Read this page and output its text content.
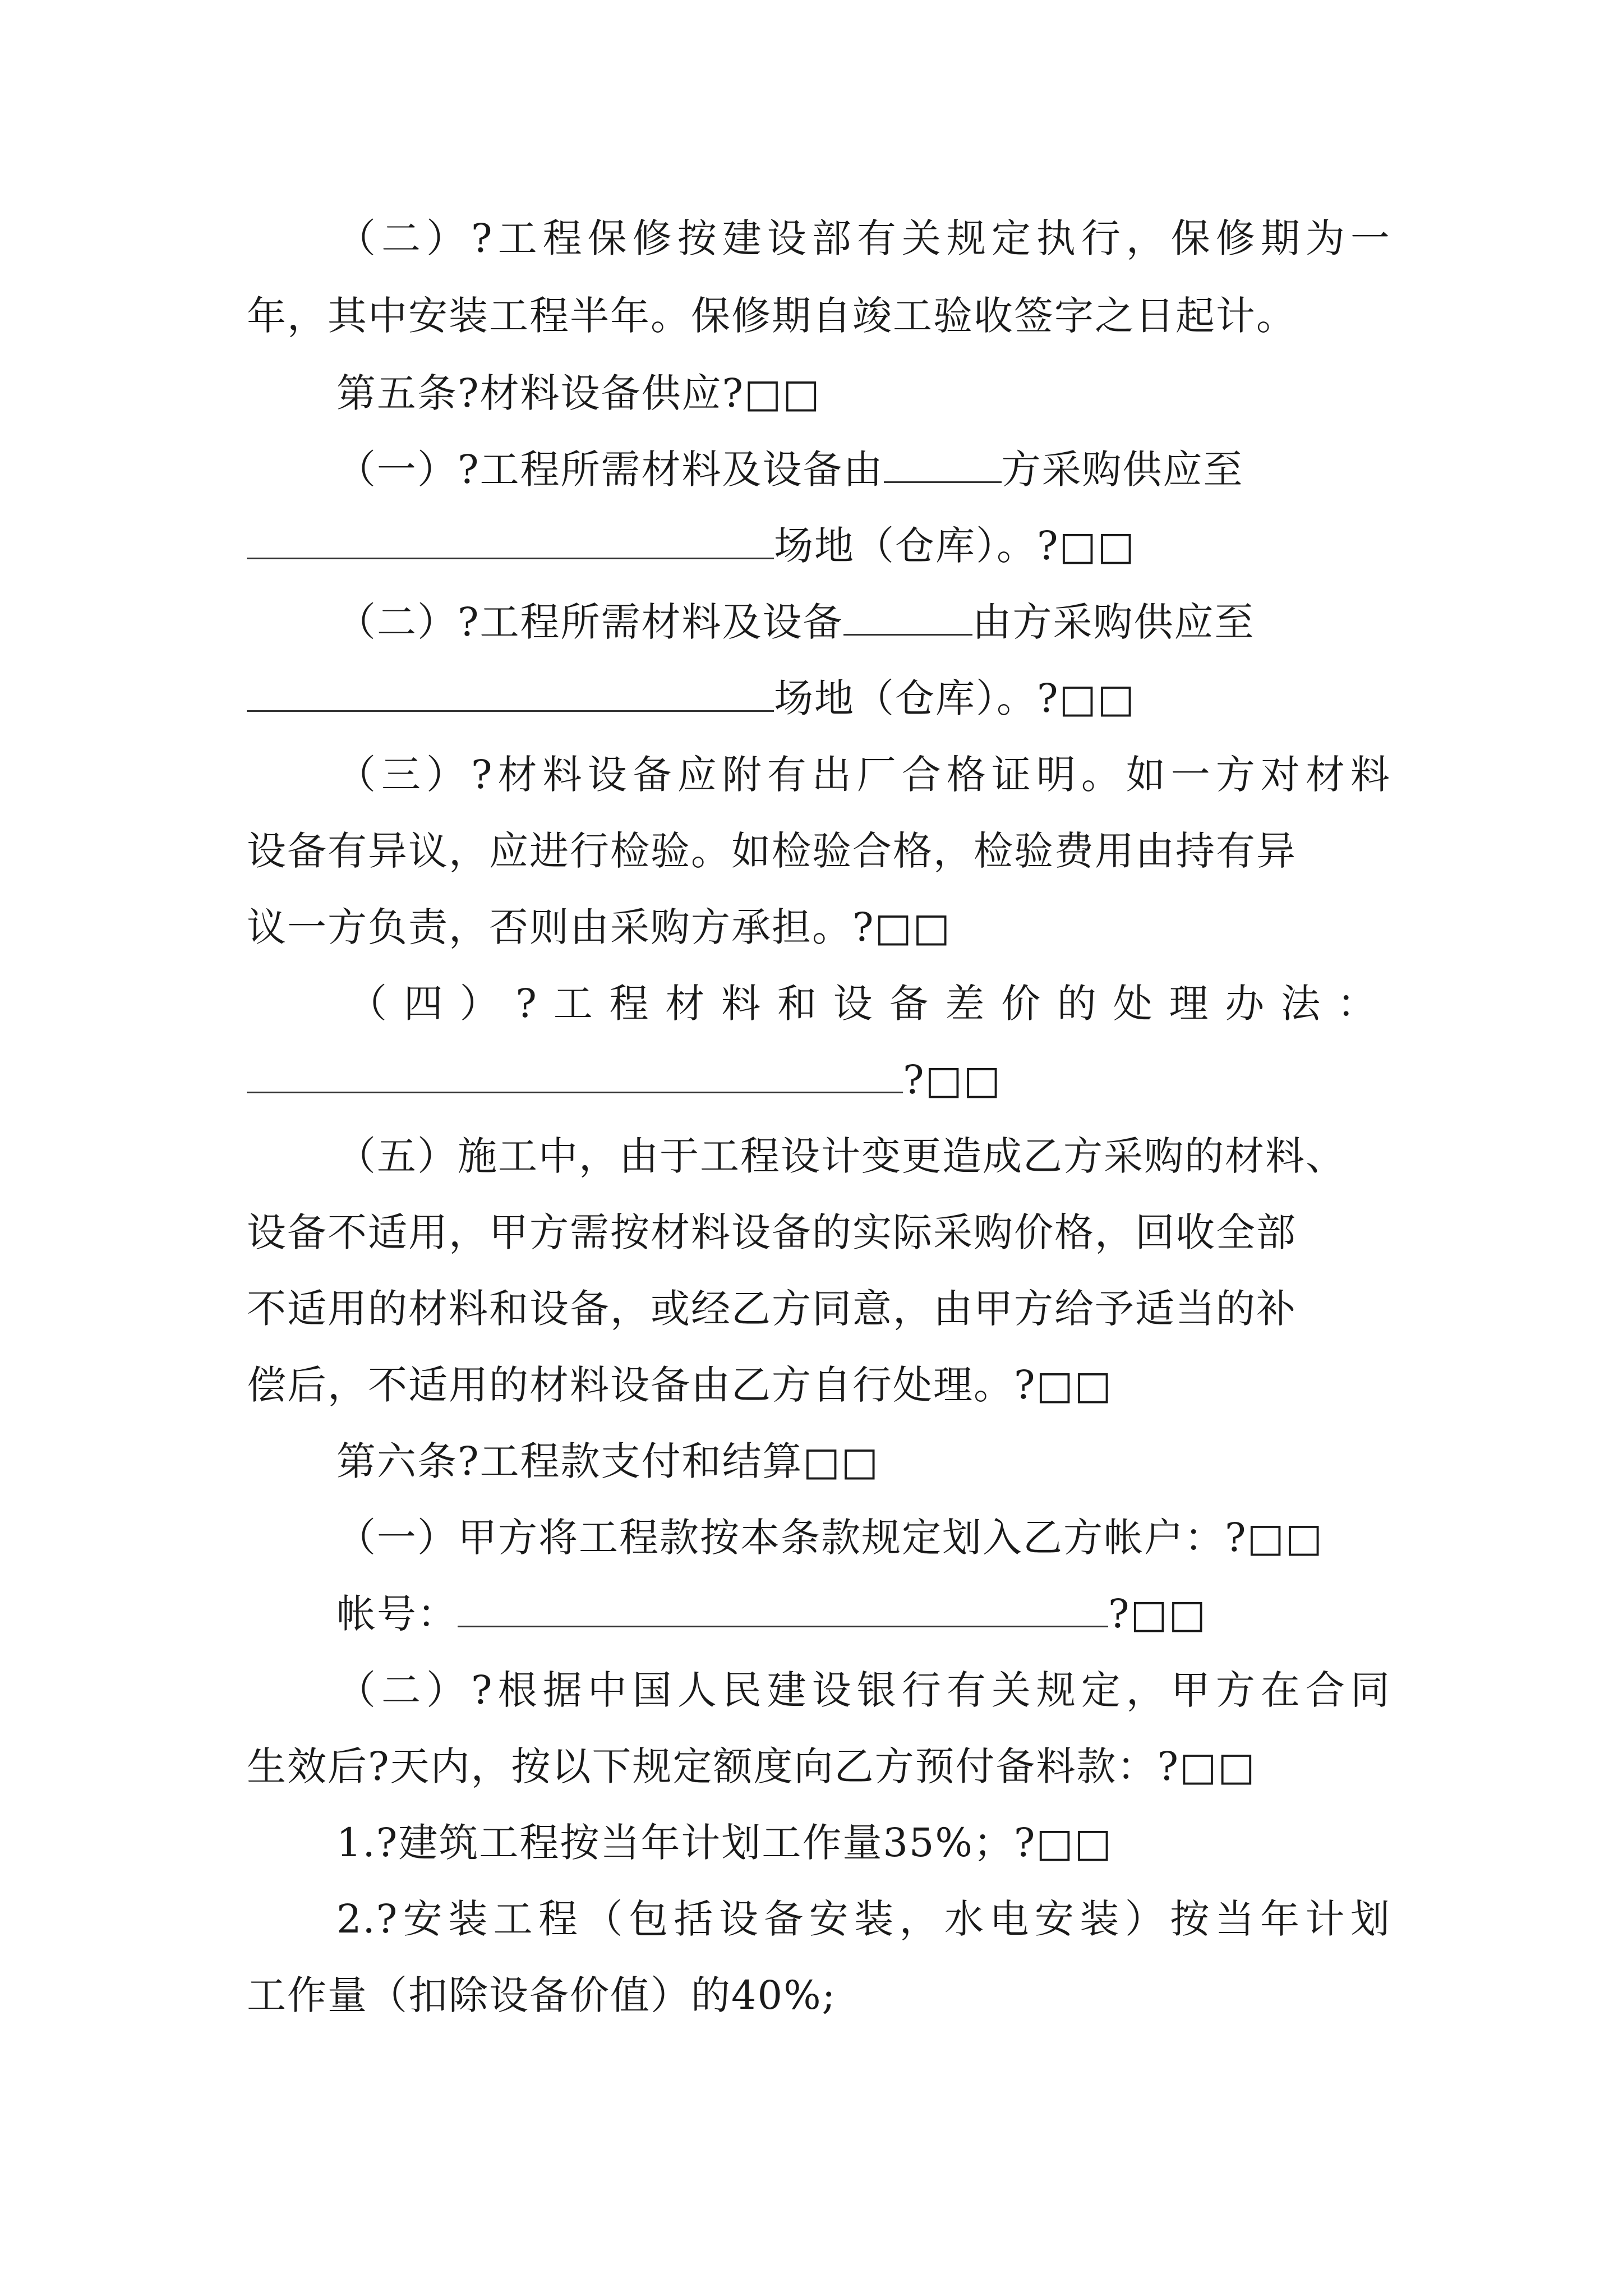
（二）?工程保修按建设部有关规定执行，保修期为一
年，其中安装工程半年。保修期自竣工验收签字之日起计。
第五条?材料设备供应?□□
（一）?工程所需材料及设备由	方采购供应至
场地（仓库）。?□□
（二）?工程所需材料及设备	由方采购供应至
场地（仓库）。?□□
（三）?材料设备应附有出厂合格证明。如一方对材料
设备有异议，应进行检验。如检验合格，检验费用由持有异
议一方负责，否则由采购方承担。?□□
（四）?工程材料和设备差价的处理办法：
?□□
（五）施工中，由于工程设计变更造成乙方采购的材料、
设备不适用，甲方需按材料设备的实际采购价格，回收全部
不适用的材料和设备，或经乙方同意，由甲方给予适当的补
偿后，不适用的材料设备由乙方自行处理。?□□
第六条?工程款支付和结算□□
（一）甲方将工程款按本条款规定划入乙方帐户：?□□
帐号：	?□□
（二）?根据中国人民建设银行有关规定，甲方在合同
生效后?天内，按以下规定额度向乙方预付备料款：?□□
1.?建筑工程按当年计划工作量35%；?□□
2.?安装工程（包括设备安装，水电安装）按当年计划
工作量（扣除设备价值）的40%;
